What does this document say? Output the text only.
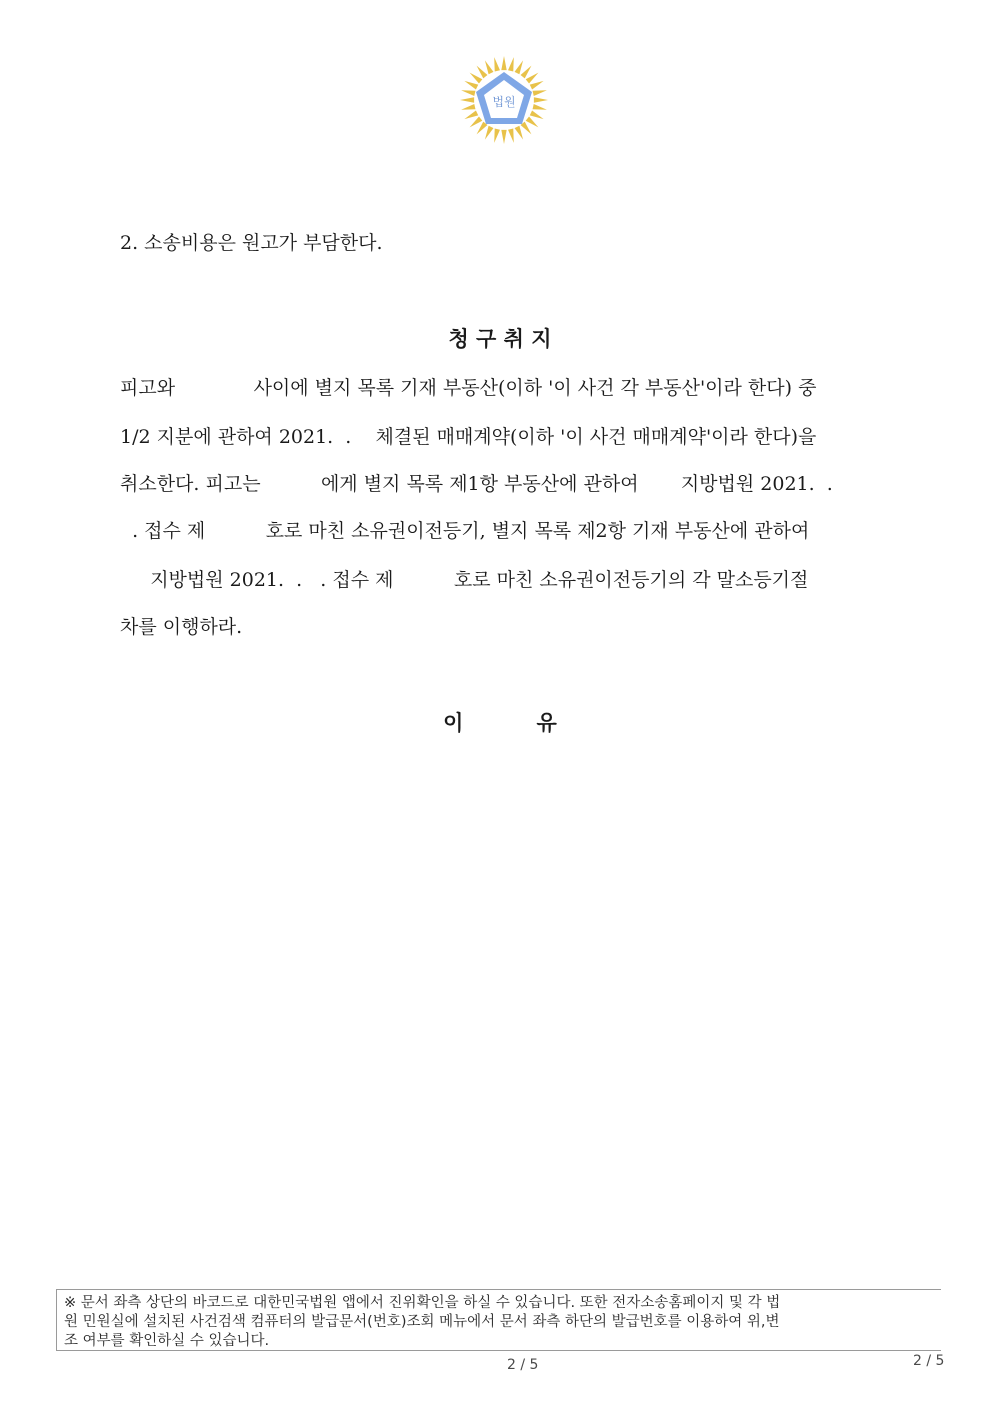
법원
2. 소송비용은 원고가 부담한다.
청 구 취 지
피고와             사이에 별지 목록 기재 부동산(이하 '이 사건 각 부동산'이라 한다) 중
1/2 지분에 관하여 2021.  .    체결된 매매계약(이하 '이 사건 매매계약'이라 한다)을
취소한다. 피고는          에게 별지 목록 제1항 부동산에 관하여       지방법원 2021.  .
. 접수 제          호로 마친 소유권이전등기, 별지 목록 제2항 기재 부동산에 관하여
지방법원 2021.  .   . 접수 제          호로 마친 소유권이전등기의 각 말소등기절
차를 이행하라.
이          유
※ 문서 좌측 상단의 바코드로 대한민국법원 앱에서 진위확인을 하실 수 있습니다. 또한 전자소송홈페이지 및 각 법
원 민원실에 설치된 사건검색 컴퓨터의 발급문서(번호)조회 메뉴에서 문서 좌측 하단의 발급번호를 이용하여 위,변
조 여부를 확인하실 수 있습니다.
2 / 5	2 / 5
